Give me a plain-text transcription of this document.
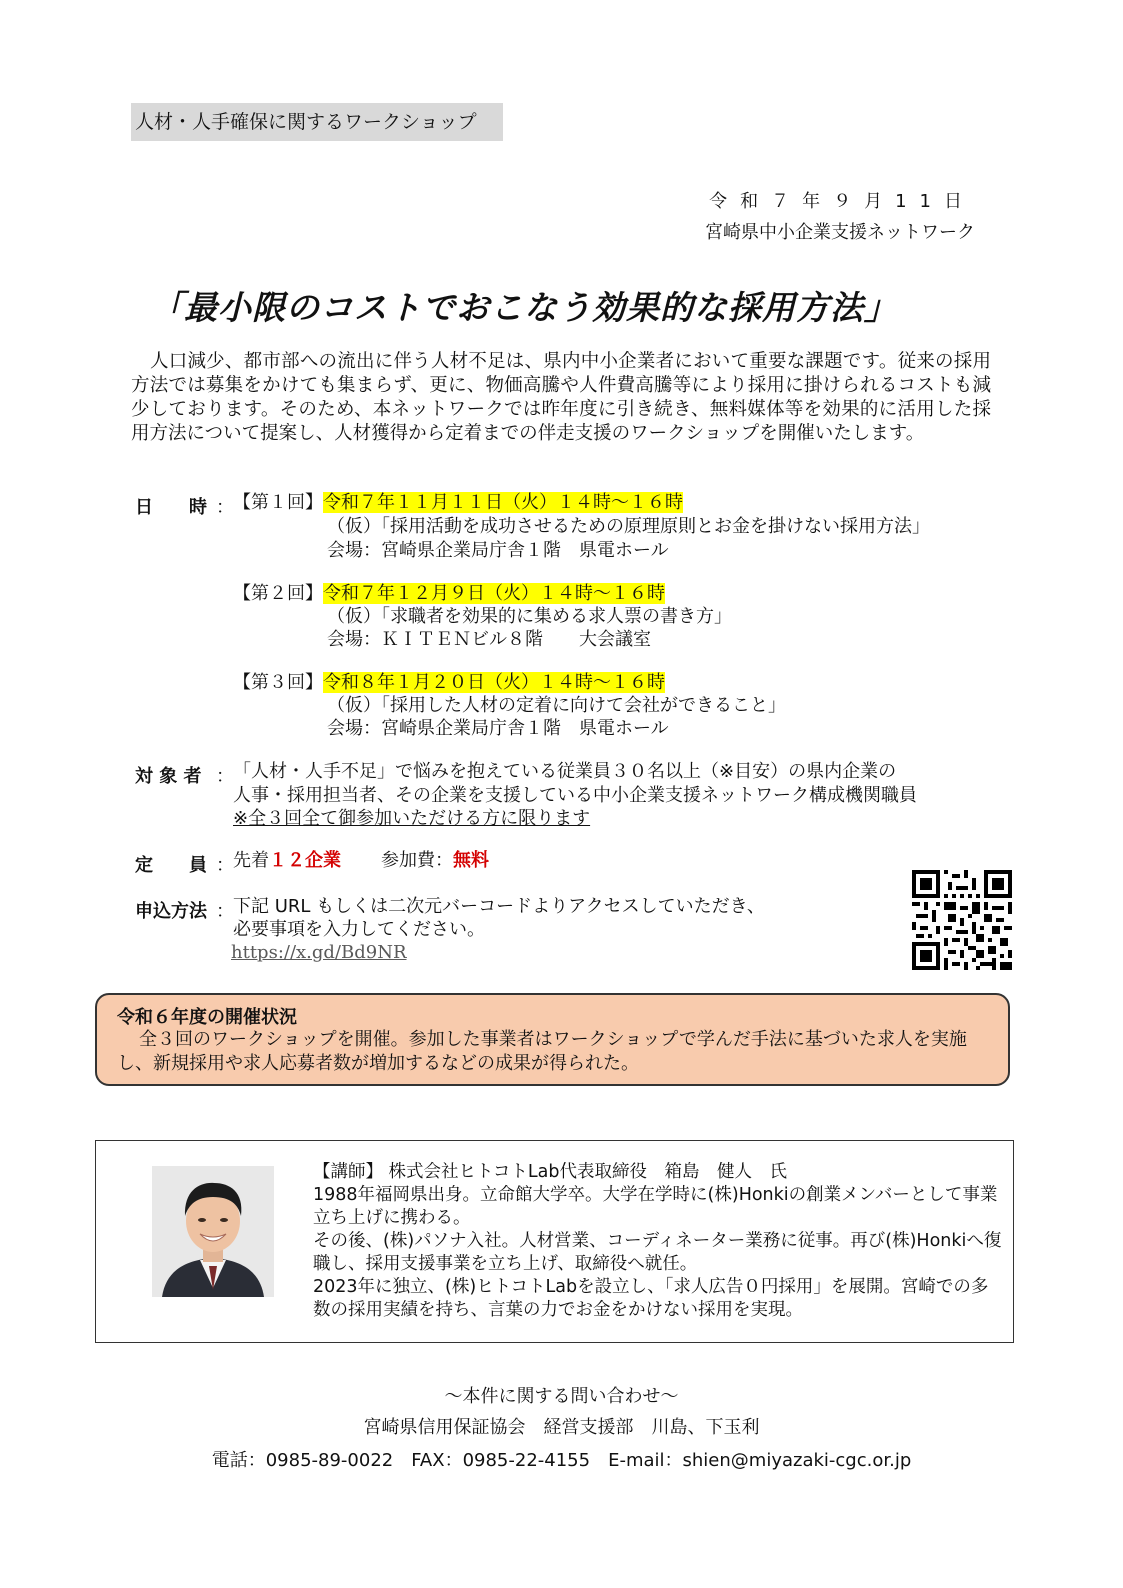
人材・人手確保に関するワークショップ
令和７年９月11日
宮崎県中小企業支援ネットワーク
「最小限のコストでおこなう効果的な採用方法」

人口減少、都市部への流出に伴う人材不足は、県内中小企業者において重要な課題です。従来の採用方法では募集をかけても集まらず、更に、物価高騰や人件費高騰等により採用に掛けられるコストも減少しております。そのため、本ネットワークでは昨年度に引き続き、無料媒体等を効果的に活用した採用方法について提案し、人材獲得から定着までの伴走支援のワークショップを開催いたします。

日　　時 ： 【第１回】令和７年１１月１１日（火）１４時～１６時
（仮）「採用活動を成功させるための原理原則とお金を掛けない採用方法」
会場：宮崎県企業局庁舎１階　県電ホール
【第２回】令和７年１２月９日（火）１４時～１６時
（仮）「求職者を効果的に集める求人票の書き方」
会場：ＫＩＴＥＮビル８階　　大会議室
【第３回】令和８年１月２０日（火）１４時～１６時
（仮）「採用した人材の定着に向けて会社ができること」
会場：宮崎県企業局庁舎１階　県電ホール
対 象 者 ： 「人材・人手不足」で悩みを抱えている従業員３０名以上（※目安）の県内企業の
人事・採用担当者、その企業を支援している中小企業支援ネットワーク構成機関職員
※全３回全て御参加いただける方に限ります
定　　員 ： 先着１２企業 参加費：無料
申込方法 ： 下記 URL もしくは二次元バーコードよりアクセスしていただき、
必要事項を入力してください。
https://x.gd/Bd9NR
令和６年度の開催状況

全３回のワークショップを開催。参加した事業者はワークショップで学んだ手法に基づいた求人を実施し、新規採用や求人応募者数が増加するなどの成果が得られた。

【講師】 株式会社ヒトコトLab代表取締役　箱島　健人　氏
1988年福岡県出身。立命館大学卒。大学在学時に(株)Honkiの創業メンバーとして事業立ち上げに携わる。
その後、(株)パソナ入社。人材営業、コーディネーター業務に従事。再び(株)Honkiへ復職し、採用支援事業を立ち上げ、取締役へ就任。
2023年に独立、(株)ヒトコトLabを設立し、「求人広告０円採用」を展開。宮崎での多数の採用実績を持ち、言葉の力でお金をかけない採用を実現。
～本件に関する問い合わせ～
宮崎県信用保証協会　経営支援部　川島、下玉利
電話：0985-89-0022　FAX：0985-22-4155　E-mail：shien@miyazaki-cgc.or.jp
